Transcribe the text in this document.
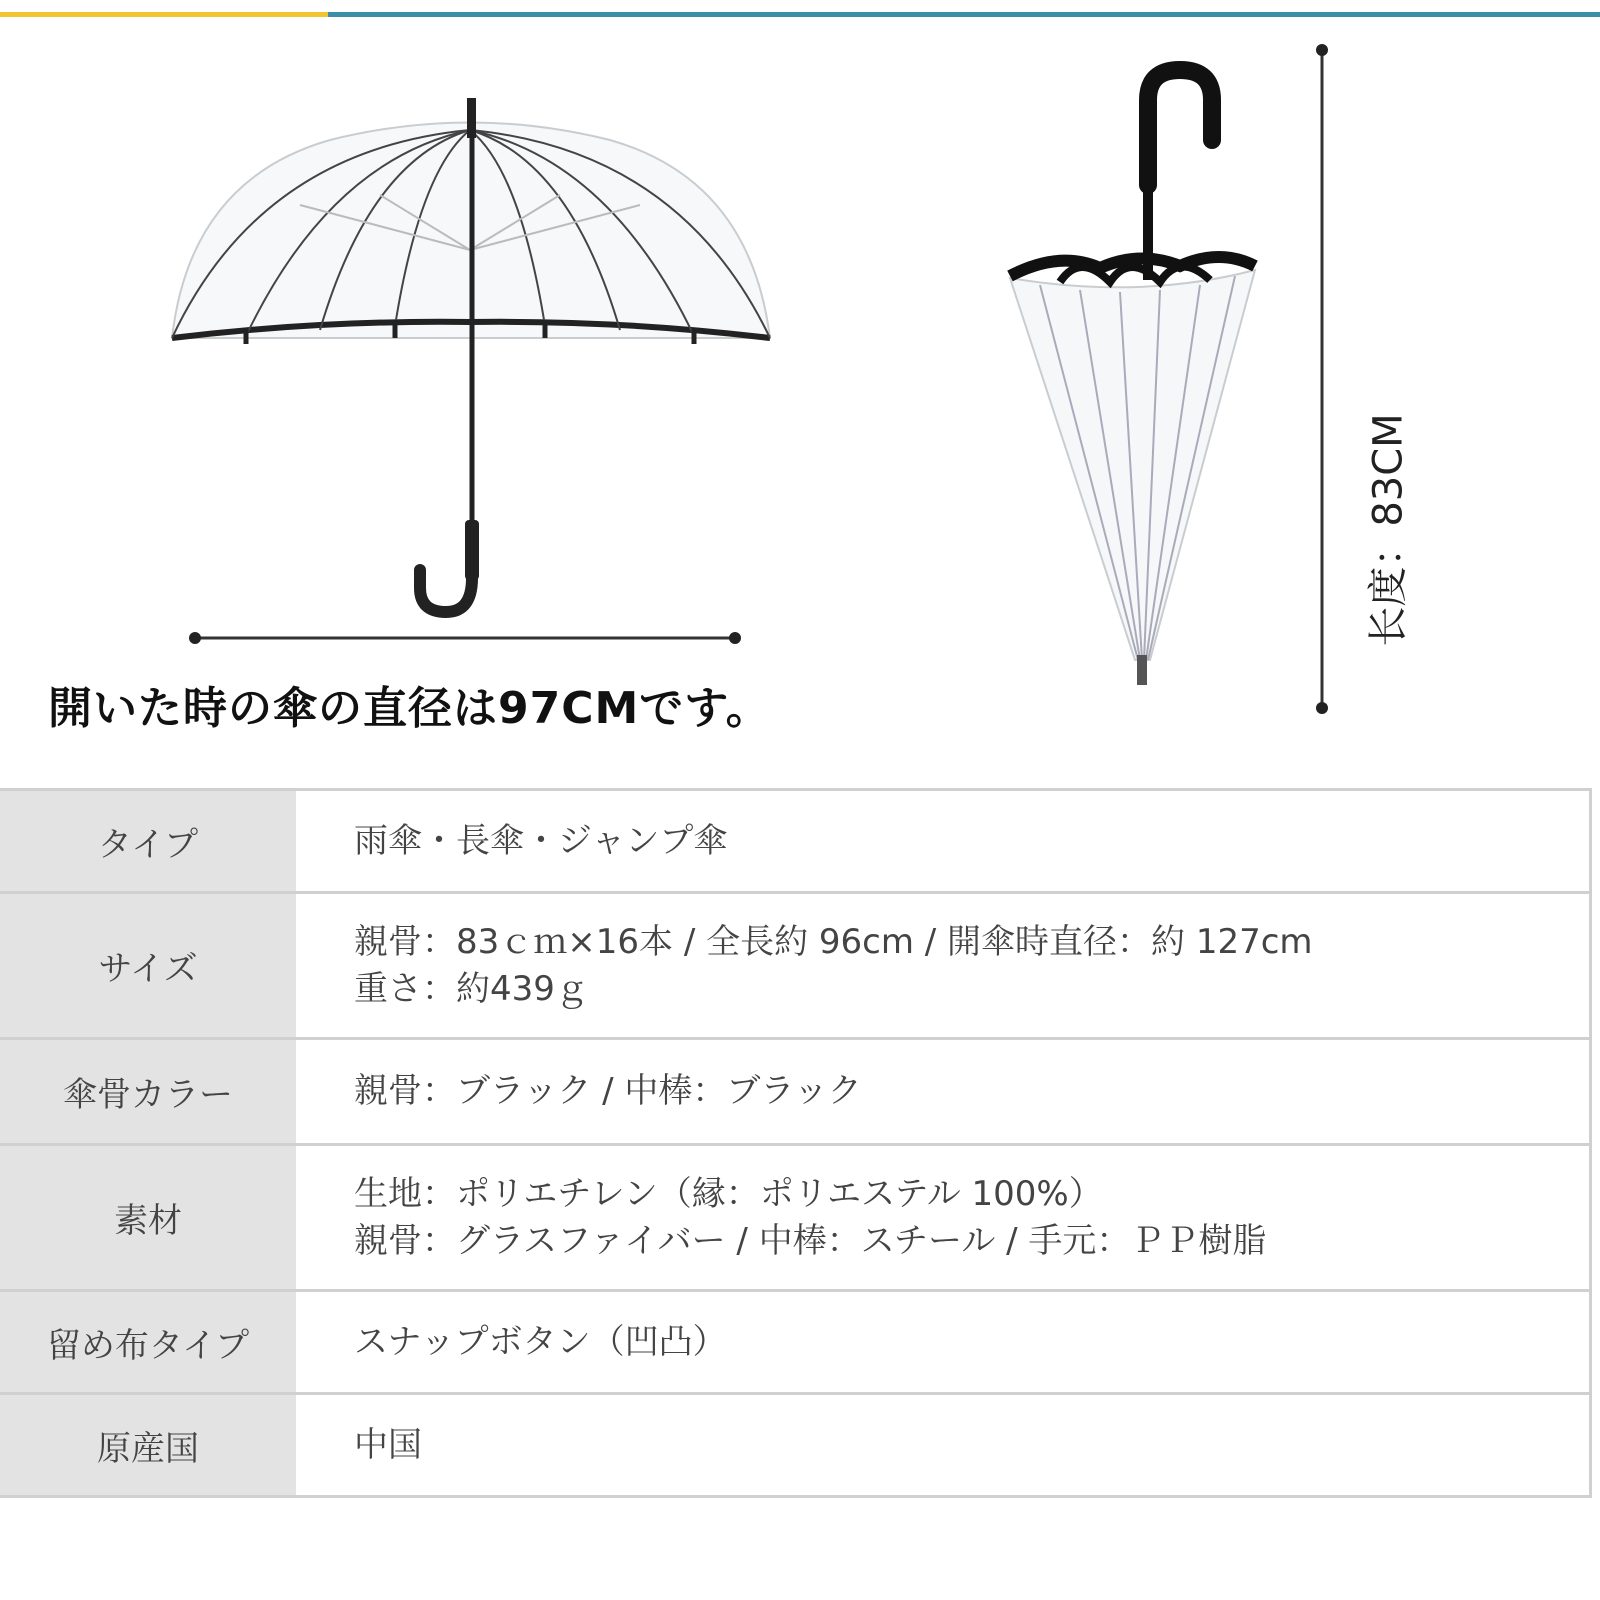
開いた時の傘の直径は97CMです。
长度：83CM
タイプ	雨傘・長傘・ジャンプ傘

サイズ	親骨：83ｃｍ×16本 / 全長約 96cm / 開傘時直径：約 127cm
重さ：約439ｇ

傘骨カラー	親骨：ブラック / 中棒：ブラック

素材	生地：ポリエチレン（縁：ポリエステル 100%）
親骨：グラスファイバー / 中棒：スチール / 手元：ＰＰ樹脂

留め布タイプ	スナップボタン（凹凸）

原産国	中国
